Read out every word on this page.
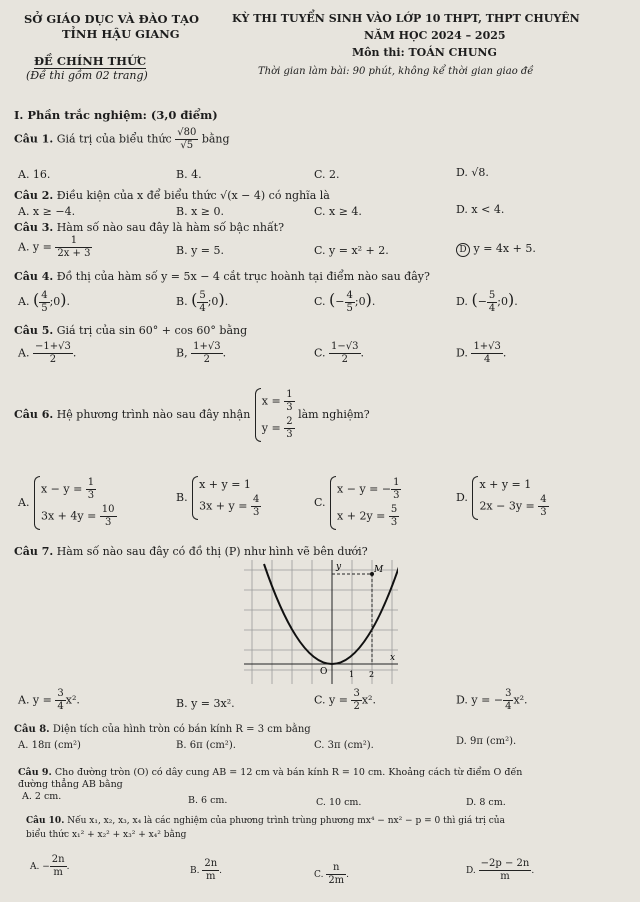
SỞ GIÁO DỤC VÀ ĐÀO TẠO
TỈNH HẬU GIANG
ĐỀ CHÍNH THỨC
(Đề thi gồm 02 trang)
KỲ THI TUYỂN SINH VÀO LỚP 10 THPT, THPT CHUYÊN
NĂM HỌC 2024 – 2025
Môn thi: TOÁN CHUNG
Thời gian làm bài: 90 phút, không kể thời gian giao đề
I. Phần trắc nghiệm: (3,0 điểm)
Câu 1. Giá trị của biểu thức $\frac{√80}{√5}$ bằng
A. 16.	B. 4.	C. 2.	D. √8.
Câu 2. Điều kiện của x để biểu thức √(x − 4) có nghĩa là
A. x ≥ −4.	B. x ≥ 0.	C. x ≥ 4.	D. x < 4.
Câu 3. Hàm số nào sau đây là hàm số bậc nhất?
A. $y = \frac{1}{2x + 3}$	B. y = 5.	C. y = x² + 2.	D y = 4x + 5.
Câu 4. Đồ thị của hàm số y = 5x − 4 cắt trục hoành tại điểm nào sau đây?
A. ( $\frac{4}{5}$ ;0).	B. ( $\frac{5}{4}$ ;0).	C. (− $\frac{4}{5}$ ;0).	D. (− $\frac{5}{4}$ ;0).
Câu 5. Giá trị của sin 60° + cos 60° bằng
A. $\frac{-1+√3}{2}$ .	B, $\frac{1+√3}{2}$ .	C. $\frac{1-√3}{2}$ .	D. $\frac{1+√3}{4}$ .
Câu 6. Hệ phương trình nào sau đây nhận
$x = \frac{1}{3}$
$y = \frac{2}{3}$
làm nghiệm?
A.
$x - y = \frac{1}{3}$
$3x + 4y = \frac{10}{3}$
B.
x + y = 1
$3x + y = \frac{4}{3}$	C.
x − y = − $\frac{1}{3}$
$x + 2y = \frac{5}{3}$
D.
x + y = 1
$2x - 3y = \frac{4}{3}$
Câu 7. Hàm số nào sau đây có đồ thị (P) như hình vẽ bên dưới?
y
x
M
O	1 2
A. $y = \frac{3}{4} x^2$.	B. y = 3x².	C. $y = \frac{3}{2} x^2$.	D. y = − $\frac{3}{4} x^2$.
Câu 8. Diện tích của hình tròn có bán kính R = 3 cm bằng
A. 18π (cm²)	B. 6π (cm²).	C. 3π (cm²).	D. 9π (cm²).
Câu 9. Cho đường tròn (O) có dây cung AB = 12 cm và bán kính R = 10 cm. Khoảng cách từ điểm O đến
đường thẳng AB bằng
A. 2 cm.	B. 6 cm.	C. 10 cm.	D. 8 cm.
Câu 10. Nếu x₁, x₂, x₃, x₄ là các nghiệm của phương trình trùng phương mx⁴ − nx² − p = 0 thì giá trị của
biểu thức x₁² + x₂² + x₃² + x₄² bằng
A. − $\frac{2n}{m}$ .	B. $\frac{2n}{m}$ .	C. $\frac{n}{2m}$ .	D. $\frac{-2p - 2n}{m}$ .
